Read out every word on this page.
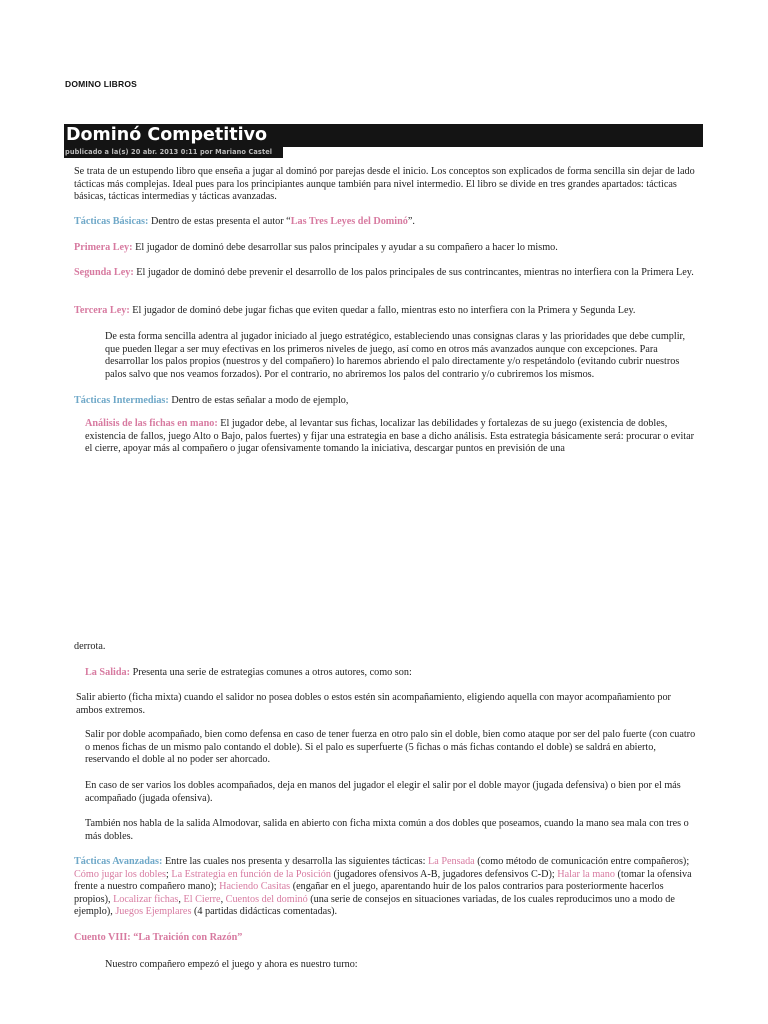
DOMINO LIBROS
Dominó Competitivo
publicado a la(s) 20 abr. 2013 0:11 por Mariano Castel

Se trata de un estupendo libro que enseña a jugar al dominó por parejas desde el inicio. Los conceptos son explicados de forma sencilla sin dejar de lado tácticas más complejas. Ideal pues para los principiantes aunque también para nivel intermedio. El libro se divide en tres grandes apartados: tácticas básicas, tácticas intermedias y tácticas avanzadas.

Tácticas Básicas: Dentro de estas presenta el autor “Las Tres Leyes del Dominó”.

Primera Ley: El jugador de dominó debe desarrollar sus palos principales y ayudar a su compañero a hacer lo mismo.

Segunda Ley: El jugador de dominó debe prevenir el desarrollo de los palos principales de sus contrincantes, mientras no interfiera con la Primera Ley.

Tercera Ley: El jugador de dominó debe jugar fichas que eviten quedar a fallo, mientras esto no interfiera con la Primera y Segunda Ley.

De esta forma sencilla adentra al jugador iniciado al juego estratégico, estableciendo unas consignas claras y las prioridades que debe cumplir, que pueden llegar a ser muy efectivas en los primeros niveles de juego, así como en otros más avanzados aunque con excepciones. Para desarrollar los palos propios (nuestros y del compañero) lo haremos abriendo el palo directamente y/o respetándolo (evitando cubrir nuestros palos salvo que nos veamos forzados). Por el contrario, no abriremos los palos del contrario y/o cubriremos los mismos.

Tácticas Intermedias: Dentro de estas señalar a modo de ejemplo,

Análisis de las fichas en mano: El jugador debe, al levantar sus fichas, localizar las debilidades y fortalezas de su juego (existencia de dobles, existencia de fallos, juego Alto o Bajo, palos fuertes) y fijar una estrategia en base a dicho análisis. Esta estrategia básicamente será: procurar o evitar el cierre, apoyar más al compañero o jugar ofensivamente tomando la iniciativa, descargar puntos en previsión de una

derrota.

La Salida: Presenta una serie de estrategias comunes a otros autores, como son:

Salir abierto (ficha mixta) cuando el salidor no posea dobles o estos estén sin acompañamiento, eligiendo aquella con mayor acompañamiento por ambos extremos.

Salir por doble acompañado, bien como defensa en caso de tener fuerza en otro palo sin el doble, bien como ataque por ser del palo fuerte (con cuatro o menos fichas de un mismo palo contando el doble). Si el palo es superfuerte (5 fichas o más fichas contando el doble) se saldrá en abierto, reservando el doble al no poder ser ahorcado.

En caso de ser varios los dobles acompañados, deja en manos del jugador el elegir el salir por el doble mayor (jugada defensiva) o bien por el más acompañado (jugada ofensiva).

También nos habla de la salida Almodovar, salida en abierto con ficha mixta común a dos dobles que poseamos, cuando la mano sea mala con tres o más dobles.

Tácticas Avanzadas: Entre las cuales nos presenta y desarrolla las siguientes tácticas: La Pensada (como método de comunicación entre compañeros); Cómo jugar los dobles; La Estrategia en función de la Posición (jugadores ofensivos A-B, jugadores defensivos C-D); Halar la mano (tomar la ofensiva frente a nuestro compañero mano); Haciendo Casitas (engañar en el juego, aparentando huir de los palos contrarios para posteriormente hacerlos propios), Localizar fichas, El Cierre, Cuentos del dominó (una serie de consejos en situaciones variadas, de los cuales reproducimos uno a modo de ejemplo), Juegos Ejemplares (4 partidas didácticas comentadas).

Cuento VIII: “La Traición con Razón”

Nuestro compañero empezó el juego y ahora es nuestro turno:
